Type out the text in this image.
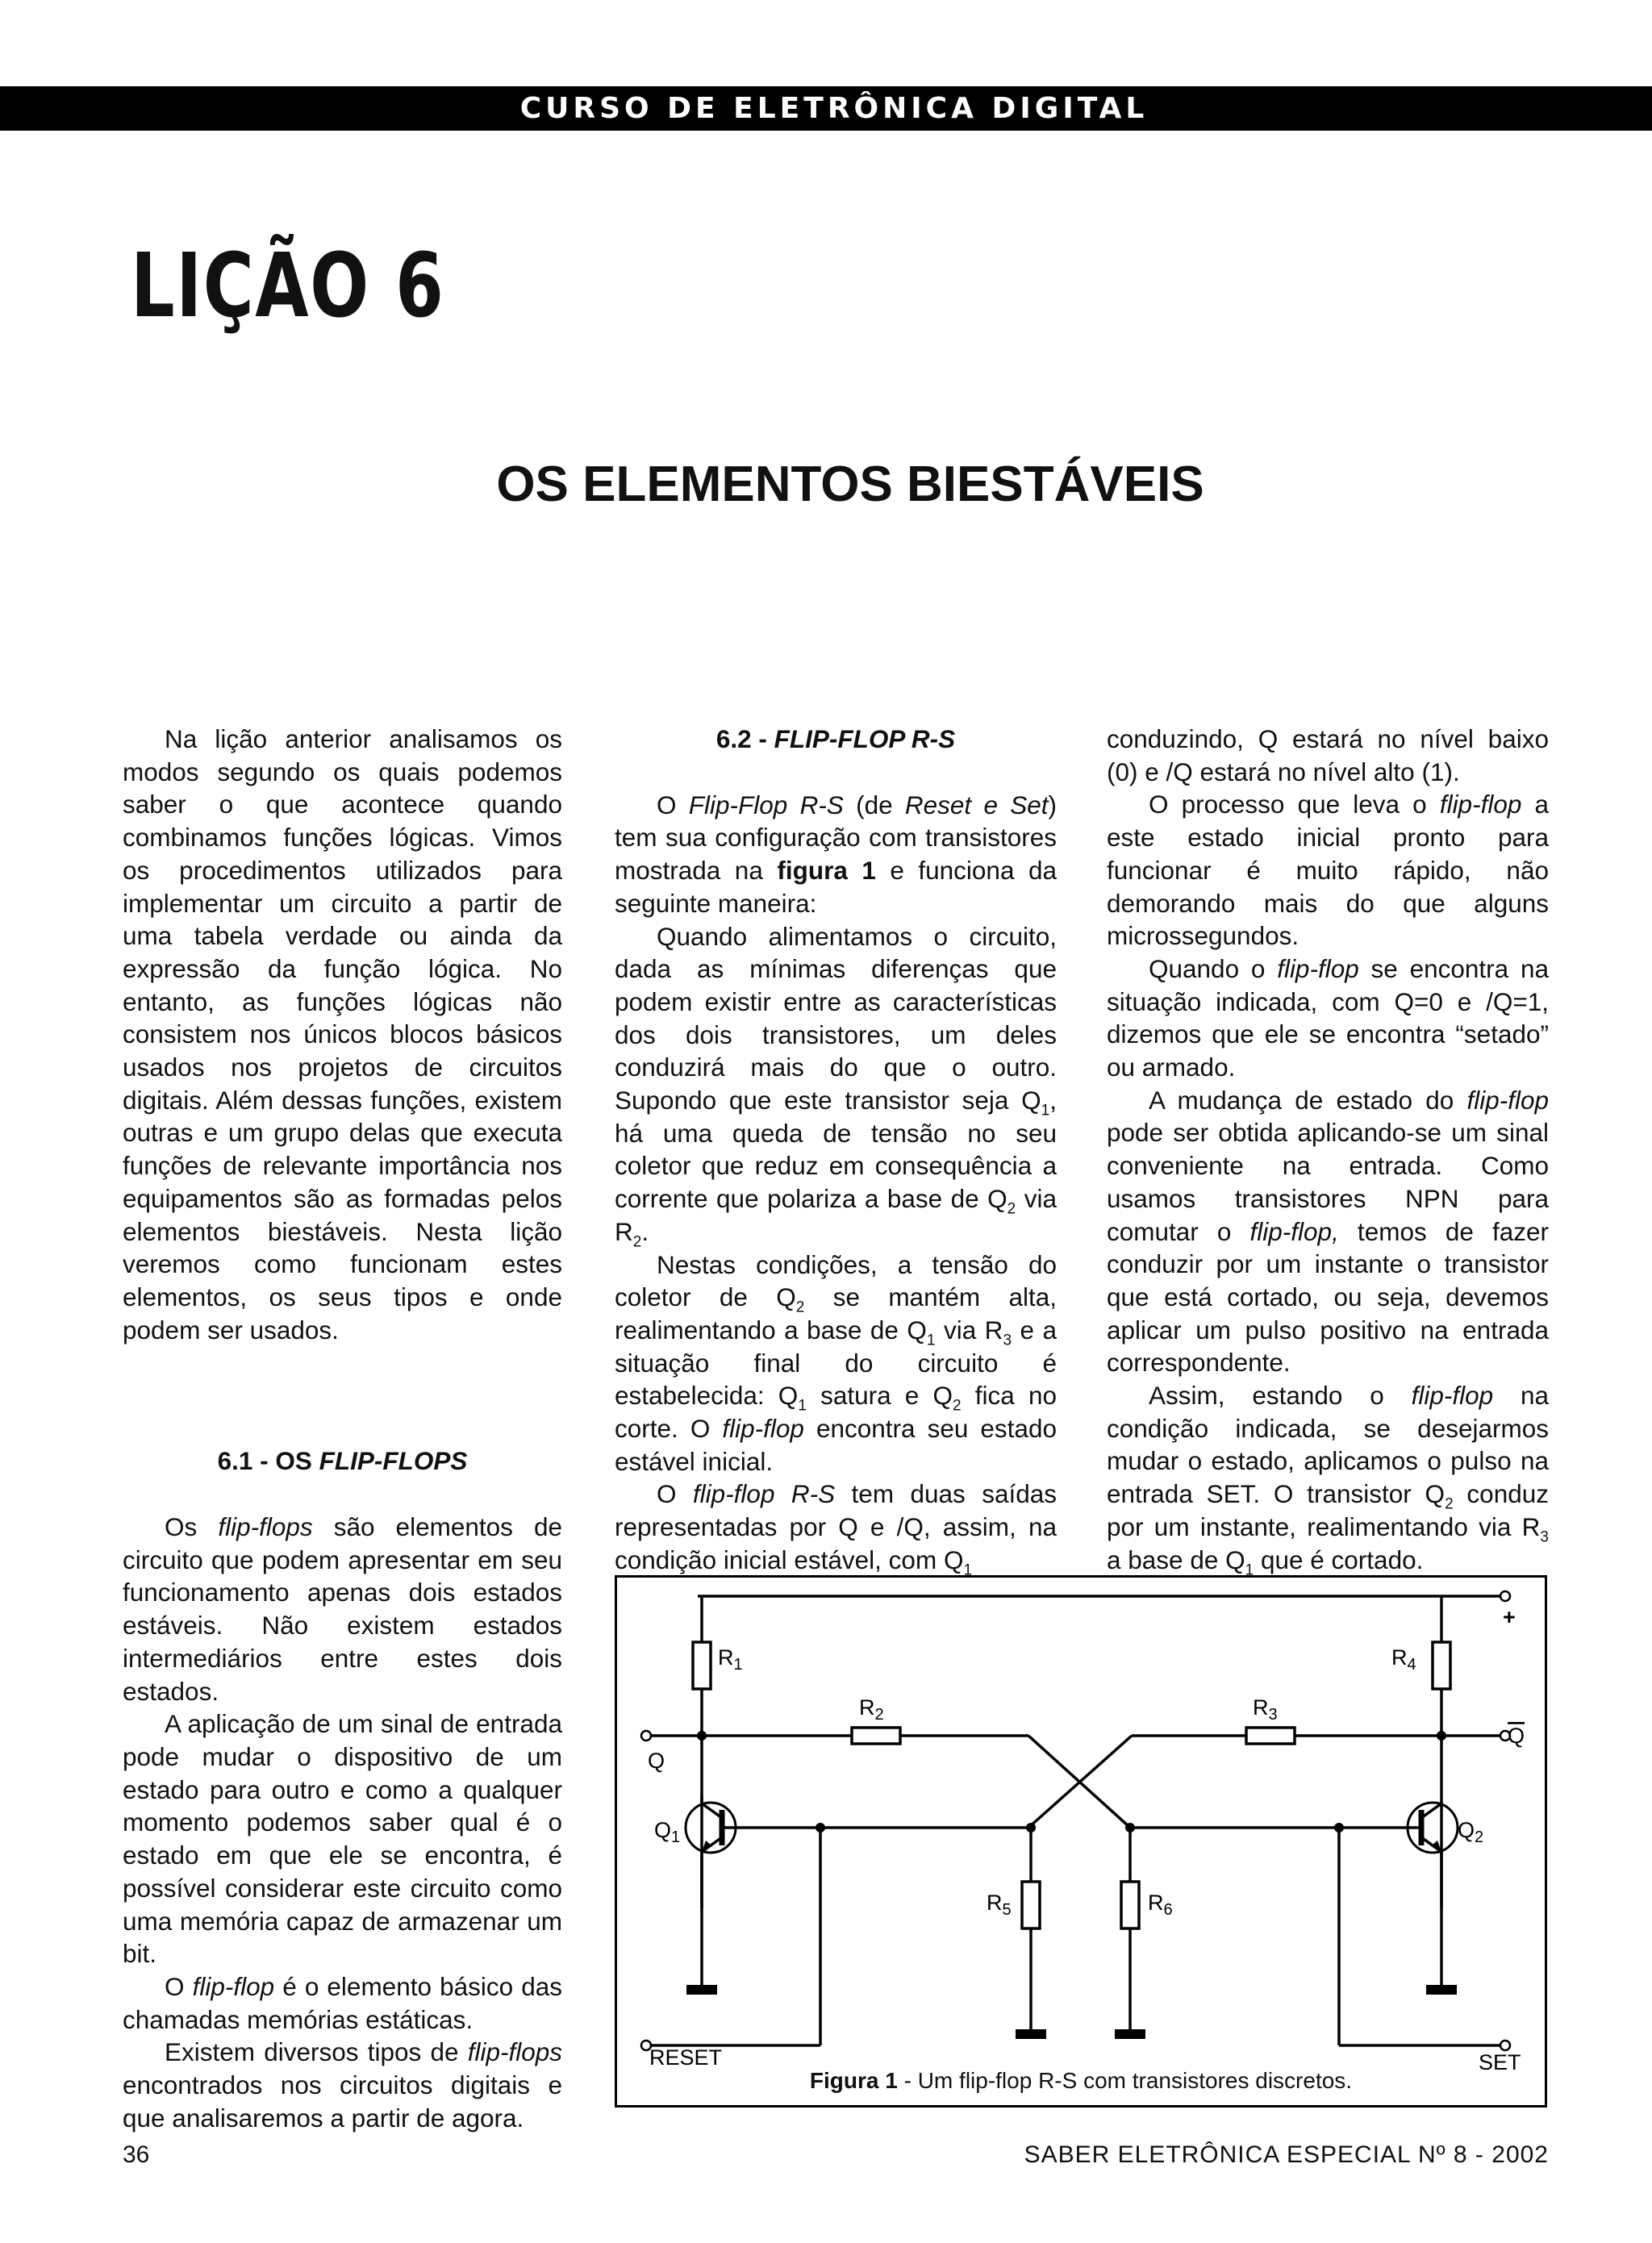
CURSO DE ELETRÔNICA DIGITAL
LIÇÃO 6
OS ELEMENTOS BIESTÁVEIS

Na lição anterior analisamos os modos segundo os quais podemos saber o que acontece quando combinamos funções lógicas. Vimos os procedimentos utilizados para implementar um circuito a partir de uma tabela verdade ou ainda da expressão da função lógica. No entanto, as funções lógicas não consistem nos únicos blocos básicos usados nos projetos de circuitos digitais. Além dessas funções, existem outras e um grupo delas que executa funções de relevante importância nos equipamentos são as formadas pelos elementos biestáveis. Nesta lição veremos como funcionam estes elementos, os seus tipos e onde podem ser usados.

6.1 - OS FLIP-FLOPS

Os flip-flops são elementos de circuito que podem apresentar em seu funcionamento apenas dois estados estáveis. Não existem estados intermediários entre estes dois estados.

A aplicação de um sinal de entrada pode mudar o dispositivo de um estado para outro e como a qualquer momento podemos saber qual é o estado em que ele se encontra, é possível considerar este circuito como uma memória capaz de armazenar um bit.

O flip-flop é o elemento básico das chamadas memórias estáticas.

Existem diversos tipos de flip-flops encontrados nos circuitos digitais e que analisaremos a partir de agora.

6.2 - FLIP-FLOP R-S

O Flip-Flop R-S (de Reset e Set) tem sua configuração com transistores mostrada na figura 1 e funciona da seguinte maneira:

Quando alimentamos o circuito, dada as mínimas diferenças que podem existir entre as características dos dois transistores, um deles conduzirá mais do que o outro. Supondo que este transistor seja $Q_1$, há uma queda de tensão no seu coletor que reduz em consequência a corrente que polariza a base de $Q_2$ via $R_2$.

Nestas condições, a tensão do coletor de $Q_2$ se mantém alta, realimentando a base de $Q_1$ via $R_3$ e a situação final do circuito é estabelecida: $Q_1$ satura e $Q_2$ fica no corte. O flip-flop encontra seu estado estável inicial.

O flip-flop R-S tem duas saídas representadas por Q e /Q, assim, na condição inicial estável, com $Q_1$

conduzindo, Q estará no nível baixo (0) e /Q estará no nível alto (1).

O processo que leva o flip-flop a este estado inicial pronto para funcionar é muito rápido, não demorando mais do que alguns microssegundos.

Quando o flip-flop se encontra na situação indicada, com Q=0 e /Q=1, dizemos que ele se encontra “setado” ou armado.

A mudança de estado do flip-flop pode ser obtida aplicando-se um sinal conveniente na entrada. Como usamos transistores NPN para comutar o flip-flop, temos de fazer conduzir por um instante o transistor que está cortado, ou seja, devemos aplicar um pulso positivo na entrada correspondente.

Assim, estando o flip-flop na condição indicada, se desejarmos mudar o estado, aplicamos o pulso na entrada SET. O transistor $Q_2$ conduz por um instante, realimentando via $R_3$ a base de $Q_1$ que é cortado.

+
$R_1$	$R_4$
$R_2$	$R_3$
Q
Q
$Q_1$	$Q_2$
$R_5$	$R_6$
RESET	SET
Figura 1 - Um flip-flop R-S com transistores discretos.
36	SABER ELETRÔNICA ESPECIAL Nº 8 - 2002
